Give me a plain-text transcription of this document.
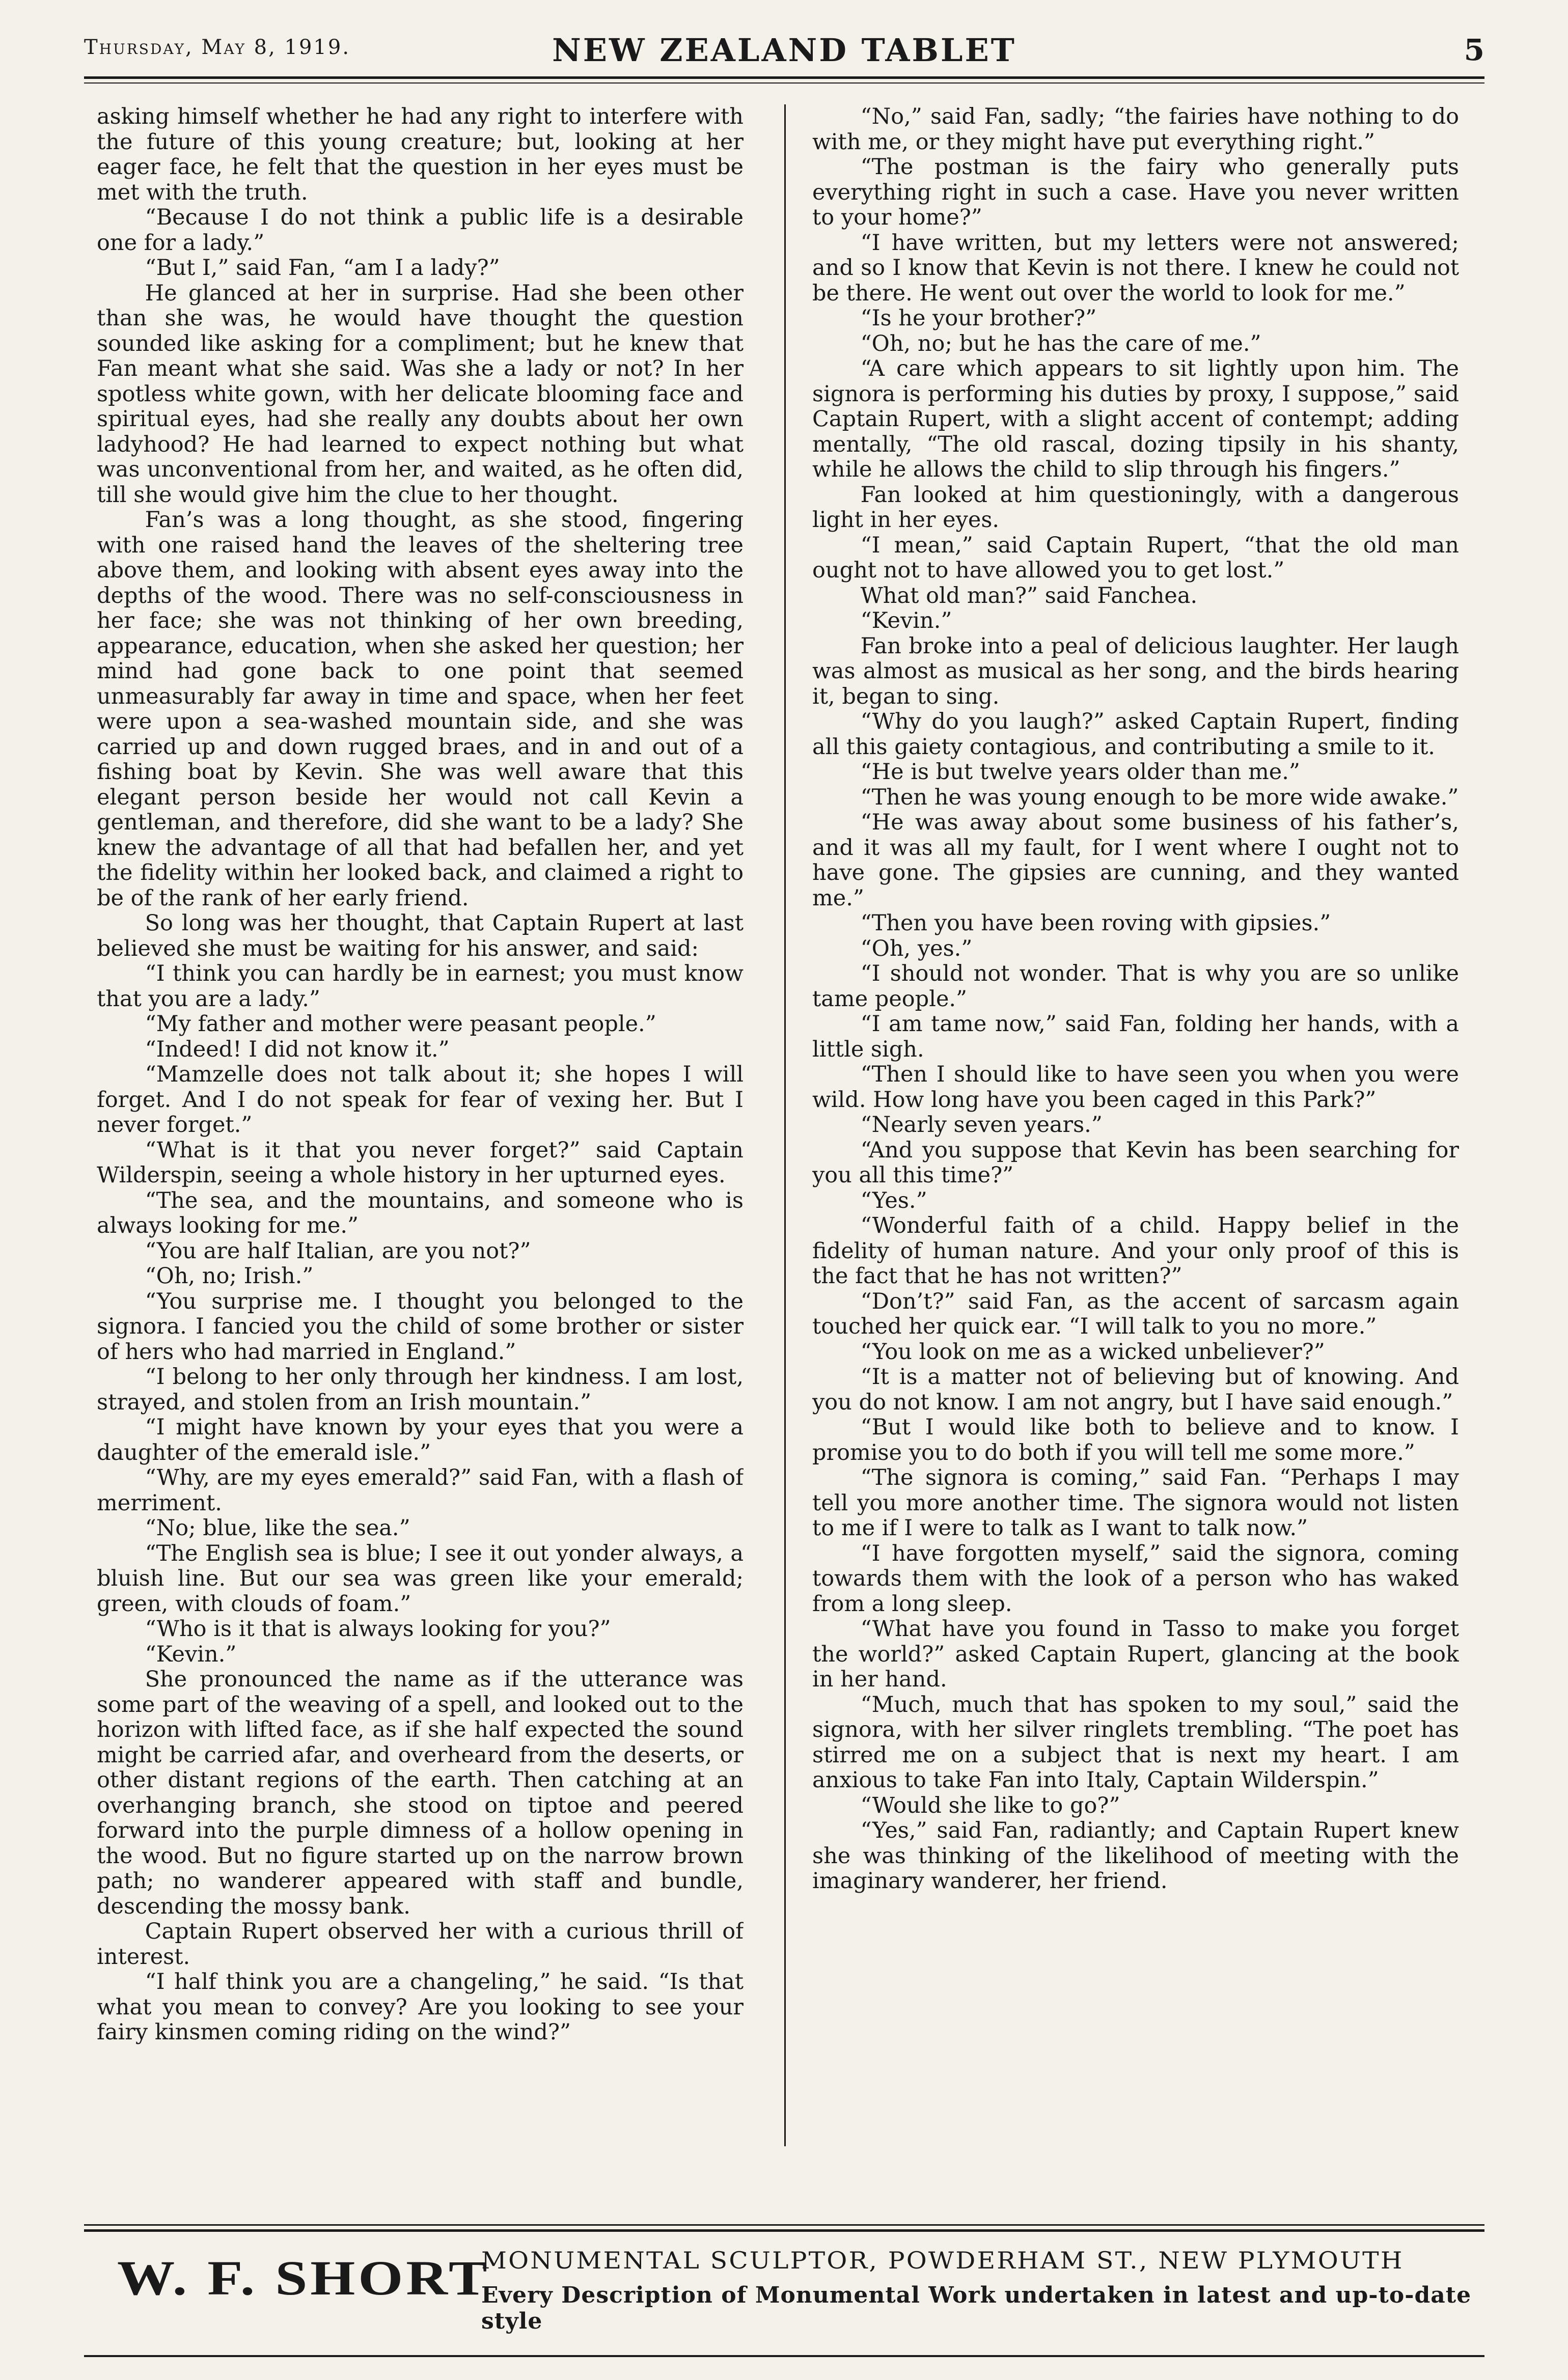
Thursday, May 8, 1919.	NEW ZEALAND TABLET	5

asking himself whether he had any right to interfere with the future of this young creature; but, looking at her eager face, he felt that the question in her eyes must be met with the truth.

“Because I do not think a public life is a desirable one for a lady.”

“But I,” said Fan, “am I a lady?”

He glanced at her in surprise. Had she been other than she was, he would have thought the question sounded like asking for a compliment; but he knew that Fan meant what she said. Was she a lady or not? In her spotless white gown, with her delicate blooming face and spiritual eyes, had she really any doubts about her own ladyhood? He had learned to expect nothing but what was unconventional from her, and waited, as he often did, till she would give him the clue to her thought.

Fan’s was a long thought, as she stood, fingering with one raised hand the leaves of the sheltering tree above them, and looking with absent eyes away into the depths of the wood. There was no self-consciousness in her face; she was not thinking of her own breeding, appearance, education, when she asked her question; her mind had gone back to one point that seemed unmeasurably far away in time and space, when her feet were upon a sea-washed mountain side, and she was carried up and down rugged braes, and in and out of a fishing boat by Kevin. She was well aware that this elegant person beside her would not call Kevin a gentleman, and therefore, did she want to be a lady? She knew the advantage of all that had befallen her, and yet the fidelity within her looked back, and claimed a right to be of the rank of her early friend.

So long was her thought, that Captain Rupert at last believed she must be waiting for his answer, and said:

“I think you can hardly be in earnest; you must know that you are a lady.”

“My father and mother were peasant people.”

“Indeed! I did not know it.”

“Mamzelle does not talk about it; she hopes I will forget. And I do not speak for fear of vexing her. But I never forget.”

“What is it that you never forget?” said Captain Wilderspin, seeing a whole history in her upturned eyes.

“The sea, and the mountains, and someone who is always looking for me.”

“You are half Italian, are you not?”

“Oh, no; Irish.”

“You surprise me. I thought you belonged to the signora. I fancied you the child of some brother or sister of hers who had married in England.”

“I belong to her only through her kindness. I am lost, strayed, and stolen from an Irish mountain.”

“I might have known by your eyes that you were a daughter of the emerald isle.”

“Why, are my eyes emerald?” said Fan, with a flash of merriment.

“No; blue, like the sea.”

“The English sea is blue; I see it out yonder always, a bluish line. But our sea was green like your emerald; green, with clouds of foam.”

“Who is it that is always looking for you?”

“Kevin.”

She pronounced the name as if the utterance was some part of the weaving of a spell, and looked out to the horizon with lifted face, as if she half expected the sound might be carried afar, and overheard from the deserts, or other distant regions of the earth. Then catching at an overhanging branch, she stood on tiptoe and peered forward into the purple dimness of a hollow opening in the wood. But no figure started up on the narrow brown path; no wanderer appeared with staff and bundle, descending the mossy bank.

Captain Rupert observed her with a curious thrill of interest.

“I half think you are a changeling,” he said. “Is that what you mean to convey? Are you looking to see your fairy kinsmen coming riding on the wind?”

“No,” said Fan, sadly; “the fairies have nothing to do with me, or they might have put everything right.”

“The postman is the fairy who generally puts everything right in such a case. Have you never written to your home?”

“I have written, but my letters were not answered; and so I know that Kevin is not there. I knew he could not be there. He went out over the world to look for me.”

“Is he your brother?”

“Oh, no; but he has the care of me.”

“A care which appears to sit lightly upon him. The signora is performing his duties by proxy, I suppose,” said Captain Rupert, with a slight accent of contempt; adding mentally, “The old rascal, dozing tipsily in his shanty, while he allows the child to slip through his fingers.”

Fan looked at him questioningly, with a dangerous light in her eyes.

“I mean,” said Captain Rupert, “that the old man ought not to have allowed you to get lost.”

What old man?” said Fanchea.

“Kevin.”

Fan broke into a peal of delicious laughter. Her laugh was almost as musical as her song, and the birds hearing it, began to sing.

“Why do you laugh?” asked Captain Rupert, finding all this gaiety contagious, and contributing a smile to it.

“He is but twelve years older than me.”

“Then he was young enough to be more wide awake.”

“He was away about some business of his father’s, and it was all my fault, for I went where I ought not to have gone. The gipsies are cunning, and they wanted me.”

“Then you have been roving with gipsies.”

“Oh, yes.”

“I should not wonder. That is why you are so unlike tame people.”

“I am tame now,” said Fan, folding her hands, with a little sigh.

“Then I should like to have seen you when you were wild. How long have you been caged in this Park?”

“Nearly seven years.”

“And you suppose that Kevin has been searching for you all this time?”

“Yes.”

“Wonderful faith of a child. Happy belief in the fidelity of human nature. And your only proof of this is the fact that he has not written?”

“Don’t?” said Fan, as the accent of sarcasm again touched her quick ear. “I will talk to you no more.”

“You look on me as a wicked unbeliever?”

“It is a matter not of believing but of knowing. And you do not know. I am not angry, but I have said enough.”

“But I would like both to believe and to know. I promise you to do both if you will tell me some more.”

“The signora is coming,” said Fan. “Perhaps I may tell you more another time. The signora would not listen to me if I were to talk as I want to talk now.”

“I have forgotten myself,” said the signora, coming towards them with the look of a person who has waked from a long sleep.

“What have you found in Tasso to make you forget the world?” asked Captain Rupert, glancing at the book in her hand.

“Much, much that has spoken to my soul,” said the signora, with her silver ringlets trembling. “The poet has stirred me on a subject that is next my heart. I am anxious to take Fan into Italy, Captain Wilderspin.”

“Would she like to go?”

“Yes,” said Fan, radiantly; and Captain Rupert knew she was thinking of the likelihood of meeting with the imaginary wanderer, her friend.

W. F. SHORT
MONUMENTAL SCULPTOR, POWDERHAM ST., NEW PLYMOUTH
Every Description of Monumental Work undertaken in latest and up-to-date style
